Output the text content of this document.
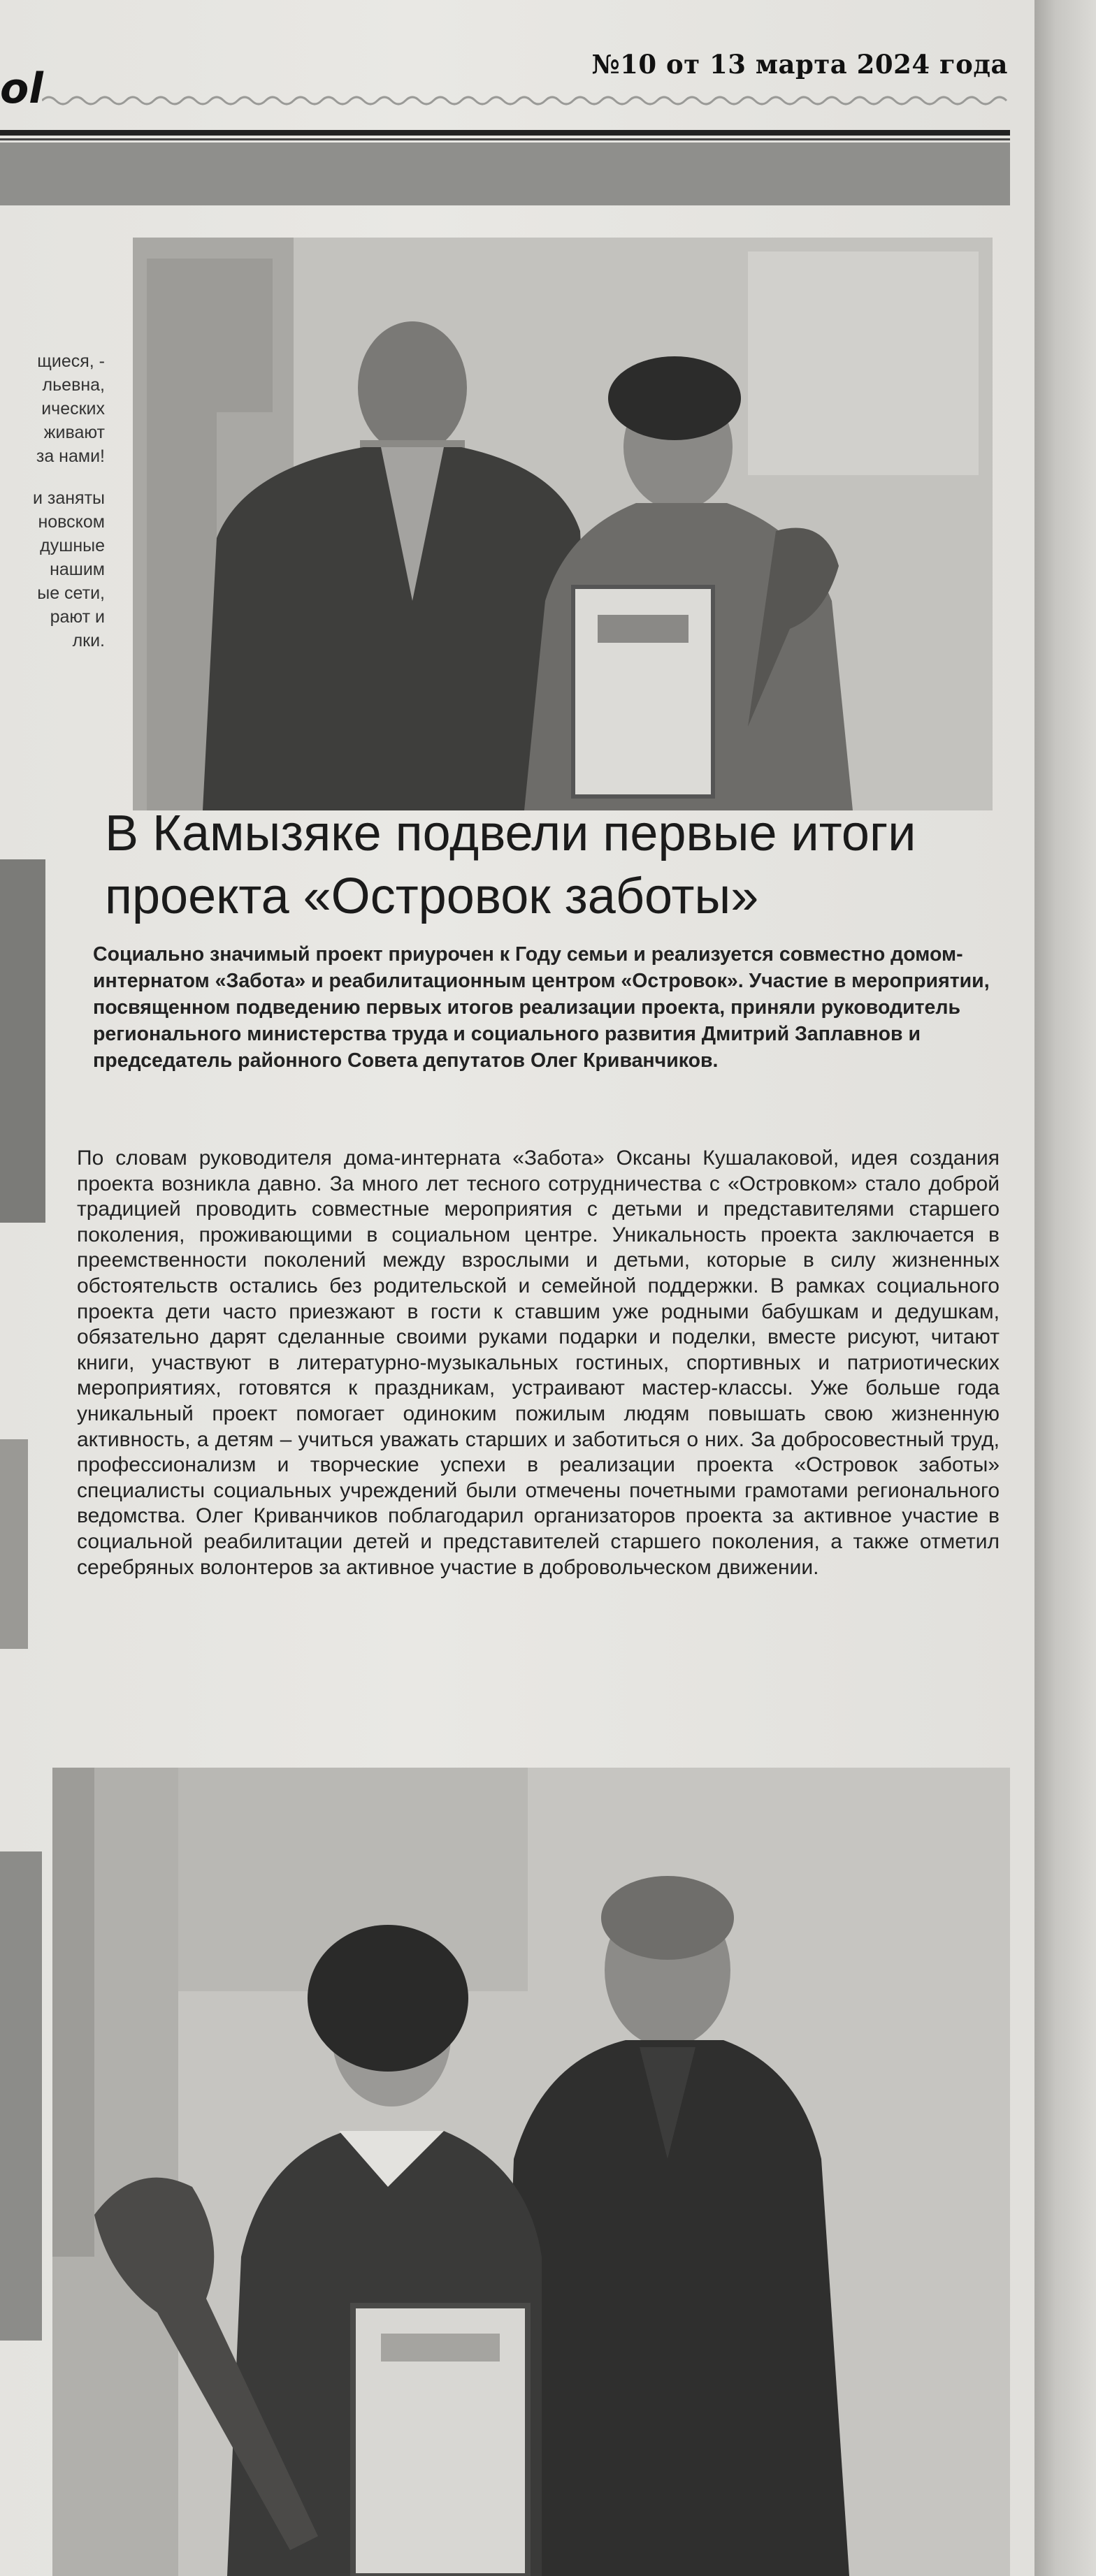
ol	№10 от 13 марта 2024 года

щиеся, -

льевна,

ических

живают

за нами!

и заняты

новском

душные

нашим

ые сети,

рают и

лки.

В Камызяке подвели первые итоги проекта «Островок заботы»

Социально значимый проект приурочен к Году семьи и реализуется совместно домом-интернатом «Забота» и реабилитационным центром «Островок». Участие в мероприятии, посвященном подведению первых итогов реализации проекта, приняли руководитель регионального министерства труда и социального развития Дмитрий Заплавнов и председатель районного Совета депутатов Олег Криванчиков.

По словам руководителя дома-интерната «Забота» Оксаны Кушалаковой, идея создания проекта возникла давно. За много лет тесного сотрудничества с «Островком» стало доброй традицией проводить совместные мероприятия с детьми и представителями старшего поколения, проживающими в социальном центре. Уникальность проекта заключается в преемственности поколений между взрослыми и детьми, которые в силу жизненных обстоятельств остались без родительской и семейной поддержки. В рамках социального проекта дети часто приезжают в гости к ставшим уже родными бабушкам и дедушкам, обязательно дарят сделанные своими руками подарки и поделки, вместе рисуют, читают книги, участвуют в литературно-музыкальных гостиных, спортивных и патриотических мероприятиях, готовятся к праздникам, устраивают мастер-классы. Уже больше года уникальный проект помогает одиноким пожилым людям повышать свою жизненную активность, а детям – учиться уважать старших и заботиться о них. За добросовестный труд, профессионализм и творческие успехи в реализации проекта «Островок заботы» специалисты социальных учреждений были отмечены почетными грамотами регионального ведомства. Олег Криванчиков поблагодарил организаторов проекта за активное участие в социальной реабилитации детей и представителей старшего поколения, а также отметил серебряных волонтеров за активное участие в добровольческом движении.
